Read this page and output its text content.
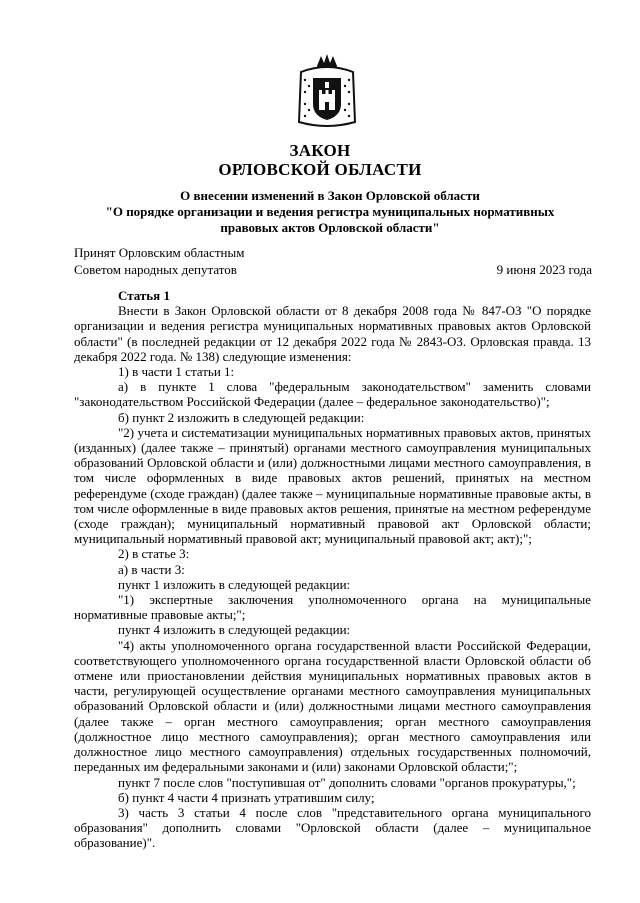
ЗАКОН
ОРЛОВСКОЙ ОБЛАСТИ
О внесении изменений в Закон Орловской области
"О порядке организации и ведения регистра муниципальных нормативных
правовых актов Орловской области"
Принят Орловским областным
Советом народных депутатов	9 июня 2023 года

Статья 1

Внести в Закон Орловской области от 8 декабря 2008 года № 847-ОЗ "О порядке организации и ведения регистра муниципальных нормативных правовых актов Орловской области" (в последней редакции от 12 декабря 2022 года № 2843-ОЗ. Орловская правда. 13 декабря 2022 года. № 138) следующие изменения:

1) в части 1 статьи 1:

а) в пункте 1 слова "федеральным законодательством" заменить словами "законодательством Российской Федерации (далее – федеральное законодательство)";

б) пункт 2 изложить в следующей редакции:

"2) учета и систематизации муниципальных нормативных правовых актов, принятых (изданных) (далее также – принятый) органами местного самоуправления муниципальных образований Орловской области и (или) должностными лицами местного самоуправления, в том числе оформленных в виде правовых актов решений, принятых на местном референдуме (сходе граждан) (далее также – муниципальные нормативные правовые акты, в том числе оформленные в виде правовых актов решения, принятые на местном референдуме (сходе граждан); муниципальный нормативный правовой акт Орловской области; муниципальный нормативный правовой акт; муниципальный правовой акт; акт);";

2) в статье 3:

а) в части 3:

пункт 1 изложить в следующей редакции:

"1) экспертные заключения уполномоченного органа на муниципальные нормативные правовые акты;";

пункт 4 изложить в следующей редакции:

"4) акты уполномоченного органа государственной власти Российской Федерации, соответствующего уполномоченного органа государственной власти Орловской области об отмене или приостановлении действия муниципальных нормативных правовых актов в части, регулирующей осуществление органами местного самоуправления муниципальных образований Орловской области и (или) должностными лицами местного самоуправления (далее также – орган местного самоуправления; орган местного самоуправления (должностное лицо местного самоуправления); орган местного самоуправления или должностное лицо местного самоуправления) отдельных государственных полномочий, переданных им федеральными законами и (или) законами Орловской области;";

пункт 7 после слов "поступившая от" дополнить словами "органов прокуратуры,";

б) пункт 4 части 4 признать утратившим силу;

3) часть 3 статьи 4 после слов "представительного органа муниципального образования" дополнить словами "Орловской области (далее – муниципальное образование)".
